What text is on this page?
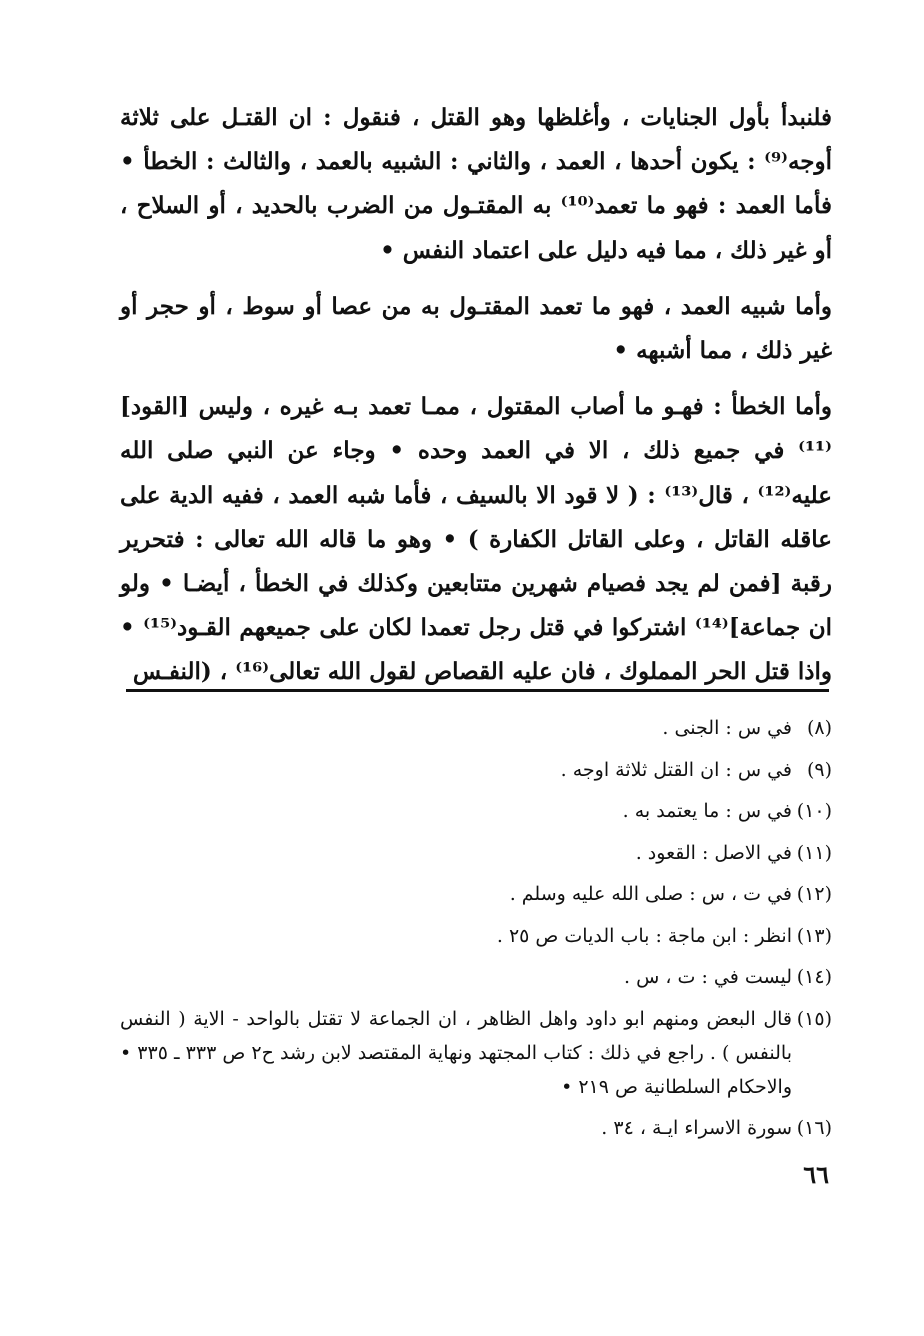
فلنبدأ بأول الجنايات ، وأغلظها وهو القتل ، فنقول : ان القتـل على ثلاثة أوجه⁽⁹⁾ : يكون أحدها ، العمد ، والثاني : الشبيه بالعمد ، والثالث : الخطأ • فأما العمد : فهو ما تعمد⁽¹⁰⁾ به المقتـول من الضرب بالحديد ، أو السلاح ، أو غير ذلك ، مما فيه دليل على اعتماد النفس •

وأما شبيه العمد ، فهو ما تعمد المقتـول به من عصا أو سوط ، أو حجر أو غير ذلك ، مما أشبهه •

وأما الخطأ : فهـو ما أصاب المقتول ، ممـا تعمد بـه غيره ، وليس [القود]⁽¹¹⁾ في جميع ذلك ، الا في العمد وحده • وجاء عن النبي صلى الله عليه⁽¹²⁾ ، قال⁽¹³⁾ : ( لا قود الا بالسيف ، فأما شبه العمد ، ففيه الدية على عاقله القاتل ، وعلى القاتل الكفارة ) • وهو ما قاله الله تعالى : فتحرير رقبة [فمن لم يجد فصيام شهرين متتابعين وكذلك في الخطأ ، أيضـا • ولو ان جماعة]⁽¹⁴⁾ اشتركوا في قتل رجل تعمدا لكان على جميعهم القـود⁽¹⁵⁾ • واذا قتل الحر المملوك ، فان عليه القصاص لقول الله تعالى⁽¹⁶⁾ ، (النفـس

(٨)
في س : الجنى .
(٩)
في س : ان القتل ثلاثة اوجه .
(١٠)
في س : ما يعتمد به .
(١١)
في الاصل : القعود .
(١٢)
في ت ، س : صلى الله عليه وسلم .
(١٣)
انظر : ابن ماجة : باب الديات ص ٢٥ .
(١٤)
ليست في : ت ، س .
(١٥)
قال البعض ومنهم ابو داود واهل الظاهر ، ان الجماعة لا تقتل بالواحد - الاية ( النفس بالنفس ) . راجع في ذلك : كتاب المجتهد ونهاية المقتصد لابن رشد ح٢ ص ٣٣٣ ـ ٣٣٥ • والاحكام السلطانية ص ٢١٩ •
(١٦)
سورة الاسراء ايـة ، ٣٤ .
٦٦
